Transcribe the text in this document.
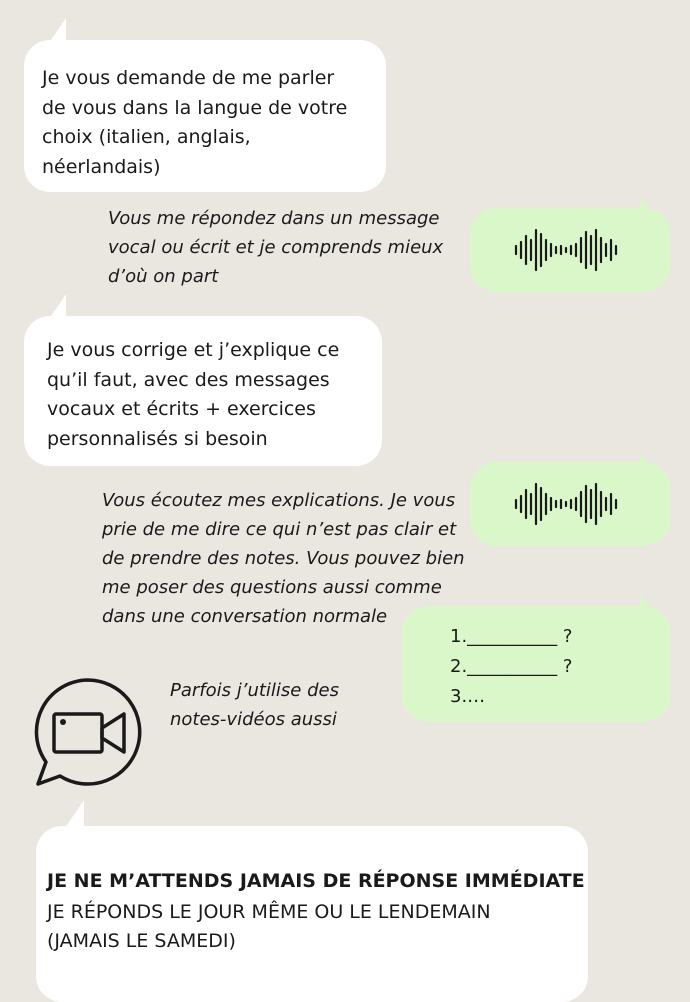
Je vous demande de me parler
de vous dans la langue de votre
choix (italien, anglais,
néerlandais)
Vous me répondez dans un message
vocal ou écrit et je comprends mieux
d’où on part
Je vous corrige et j’explique ce
qu’il faut, avec des messages
vocaux et écrits + exercices
personnalisés si besoin
Vous écoutez mes explications. Je vous
prie de me dire ce qui n’est pas clair et
de prendre des notes. Vous pouvez bien
me poser des questions aussi comme
dans une conversation normale
1.__________ ?
2.__________ ?
3.…
Parfois j’utilise des
notes-vidéos aussi
JE NE M’ATTENDS JAMAIS DE RÉPONSE IMMÉDIATE
JE RÉPONDS LE JOUR MÊME OU LE LENDEMAIN
(JAMAIS LE SAMEDI)
